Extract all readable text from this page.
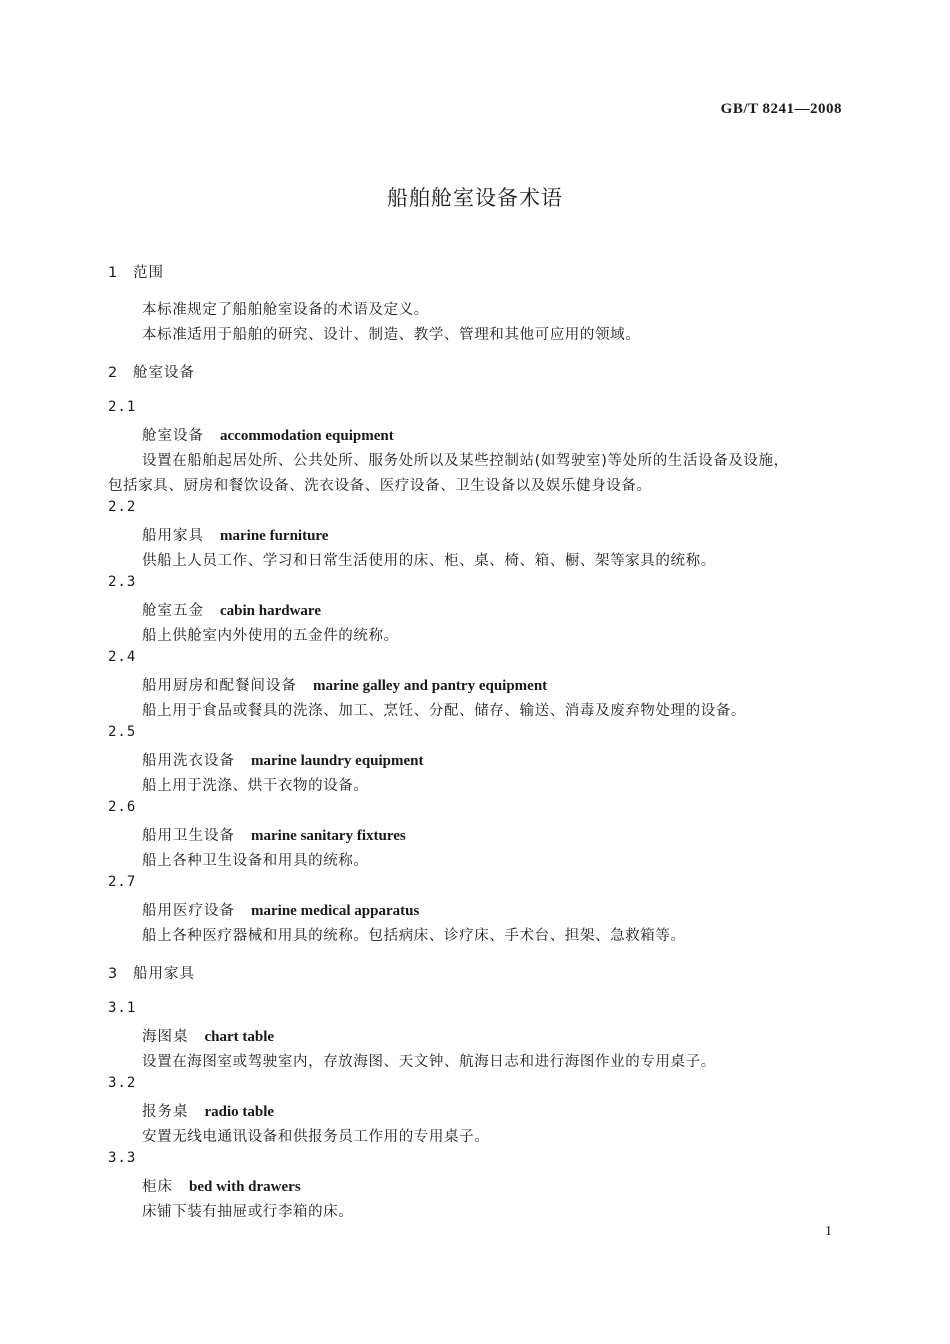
GB/T 8241—2008
船舶舱室设备术语
1 范围
本标准规定了船舶舱室设备的术语及定义。
本标准适用于船舶的研究、设计、制造、教学、管理和其他可应用的领域。
2 舱室设备
2.1
舱室设备 accommodation equipment
设置在船舶起居处所、公共处所、服务处所以及某些控制站(如驾驶室)等处所的生活设备及设施，
包括家具、厨房和餐饮设备、洗衣设备、医疗设备、卫生设备以及娱乐健身设备。
2.2
船用家具 marine furniture
供船上人员工作、学习和日常生活使用的床、柜、桌、椅、箱、橱、架等家具的统称。
2.3
舱室五金 cabin hardware
船上供舱室内外使用的五金件的统称。
2.4
船用厨房和配餐间设备 marine galley and pantry equipment
船上用于食品或餐具的洗涤、加工、烹饪、分配、储存、输送、消毒及废弃物处理的设备。
2.5
船用洗衣设备 marine laundry equipment
船上用于洗涤、烘干衣物的设备。
2.6
船用卫生设备 marine sanitary fixtures
船上各种卫生设备和用具的统称。
2.7
船用医疗设备 marine medical apparatus
船上各种医疗器械和用具的统称。包括病床、诊疗床、手术台、担架、急救箱等。
3 船用家具
3.1
海图桌 chart table
设置在海图室或驾驶室内，存放海图、天文钟、航海日志和进行海图作业的专用桌子。
3.2
报务桌 radio table
安置无线电通讯设备和供报务员工作用的专用桌子。
3.3
柜床 bed with drawers
床铺下装有抽屉或行李箱的床。
1
